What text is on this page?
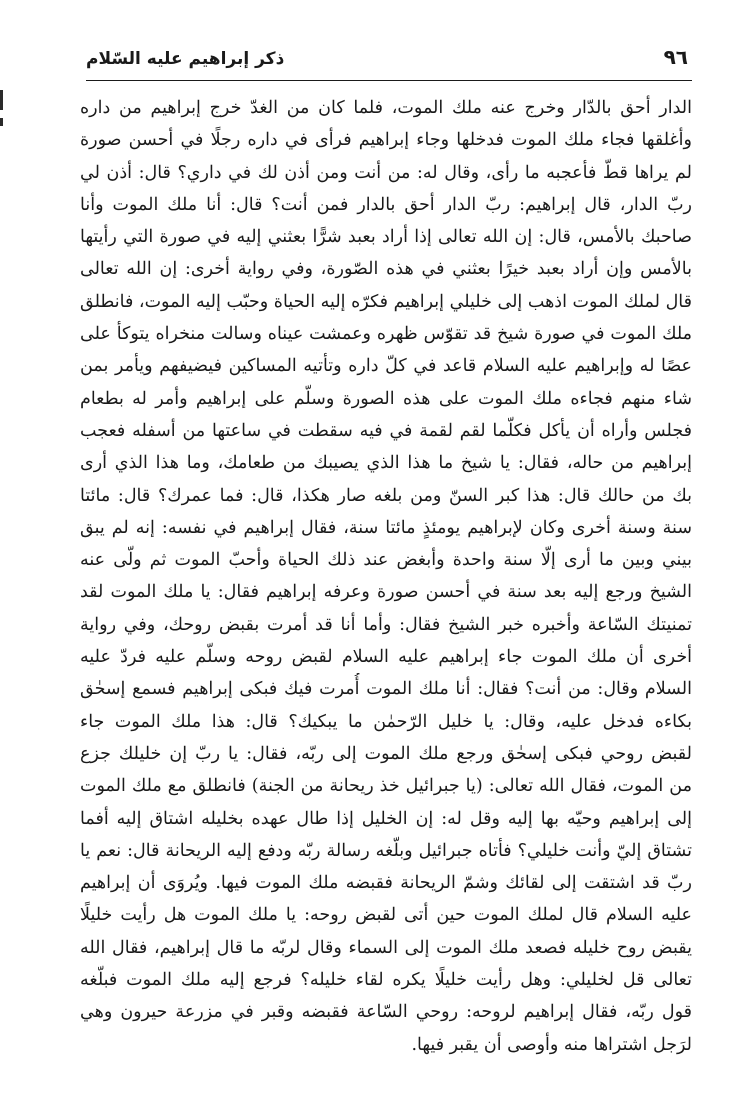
٩٦
ذكر إبراهيم عليه السّلام
الدار أحق بالدّار وخرج عنه ملك الموت، فلما كان من الغدّ خرج إبراهيم من داره
وأغلقها فجاء ملك الموت فدخلها وجاء إبراهيم فرأى في داره رجلًا في أحسن صورة
لم يراها قطّ فأعجبه ما رأى، وقال له: من أنت ومن أذن لك في داري؟ قال: أذن لي
ربّ الدار، قال إبراهيم: ربّ الدار أحق بالدار فمن أنت؟ قال: أنا ملك الموت وأنا
صاحبك بالأمس، قال: إن الله تعالى إذا أراد بعبد شرًّا بعثني إليه في صورة التي رأيتها
بالأمس وإن أراد بعبد خيرًا بعثني في هذه الصّورة، وفي رواية أخرى: إن الله تعالى
قال لملك الموت اذهب إلى خليلي إبراهيم فكرّه إليه الحياة وحبّب إليه الموت، فانطلق
ملك الموت في صورة شيخ قد تقوّس ظهره وعمشت عيناه وسالت منخراه يتوكأ على
عصًا له وإبراهيم عليه السلام قاعد في كلّ داره وتأتيه المساكين فيضيفهم ويأمر بمن
شاء منهم فجاءه ملك الموت على هذه الصورة وسلّم على إبراهيم وأمر له بطعام
فجلس وأراه أن يأكل فكلّما لقم لقمة في فيه سقطت في ساعتها من أسفله فعجب
إبراهيم من حاله، فقال: يا شيخ ما هذا الذي يصيبك من طعامك، وما هذا الذي أرى
بك من حالك قال: هذا كبر السنّ ومن بلغه صار هكذا، قال: فما عمرك؟ قال: مائتا
سنة وسنة أخرى وكان لإبراهيم يومئذٍ مائتا سنة، فقال إبراهيم في نفسه: إنه لم يبق
بيني وبين ما أرى إلّا سنة واحدة وأبغض عند ذلك الحياة وأحبّ الموت ثم ولّى عنه
الشيخ ورجع إليه بعد سنة في أحسن صورة وعرفه إبراهيم فقال: يا ملك الموت لقد
تمنيتك السّاعة وأخبره خبر الشيخ فقال: وأما أنا قد أمرت بقبض روحك، وفي رواية
أخرى أن ملك الموت جاء إبراهيم عليه السلام لقبض روحه وسلّم عليه فردّ عليه
السلام وقال: من أنت؟ فقال: أنا ملك الموت أُمرت فيك فبكى إبراهيم فسمع إسحٰق
بكاءه فدخل عليه، وقال: يا خليل الرّحمٰن ما يبكيك؟ قال: هذا ملك الموت جاء
لقبض روحي فبكى إسحٰق ورجع ملك الموت إلى ربّه، فقال: يا ربّ إن خليلك جزع
من الموت، فقال الله تعالى: (يا جبرائيل خذ ريحانة من الجنة) فانطلق مع ملك الموت
إلى إبراهيم وحيّه بها إليه وقل له: إن الخليل إذا طال عهده بخليله اشتاق إليه أفما
تشتاق إليّ وأنت خليلي؟ فأتاه جبرائيل وبلّغه رسالة ربّه ودفع إليه الريحانة قال: نعم يا
ربّ قد اشتقت إلى لقائك وشمّ الريحانة فقبضه ملك الموت فيها. ويُروَى أن إبراهيم
عليه السلام قال لملك الموت حين أتى لقبض روحه: يا ملك الموت هل رأيت خليلًا
يقبض روح خليله فصعد ملك الموت إلى السماء وقال لربّه ما قال إبراهيم، فقال الله
تعالى قل لخليلي: وهل رأيت خليلًا يكره لقاء خليله؟ فرجع إليه ملك الموت فبلّغه
قول ربّه، فقال إبراهيم لروحه: روحي السّاعة فقبضه وقبر في مزرعة حيرون وهي
لرَجل اشتراها منه وأوصى أن يقبر فيها.
